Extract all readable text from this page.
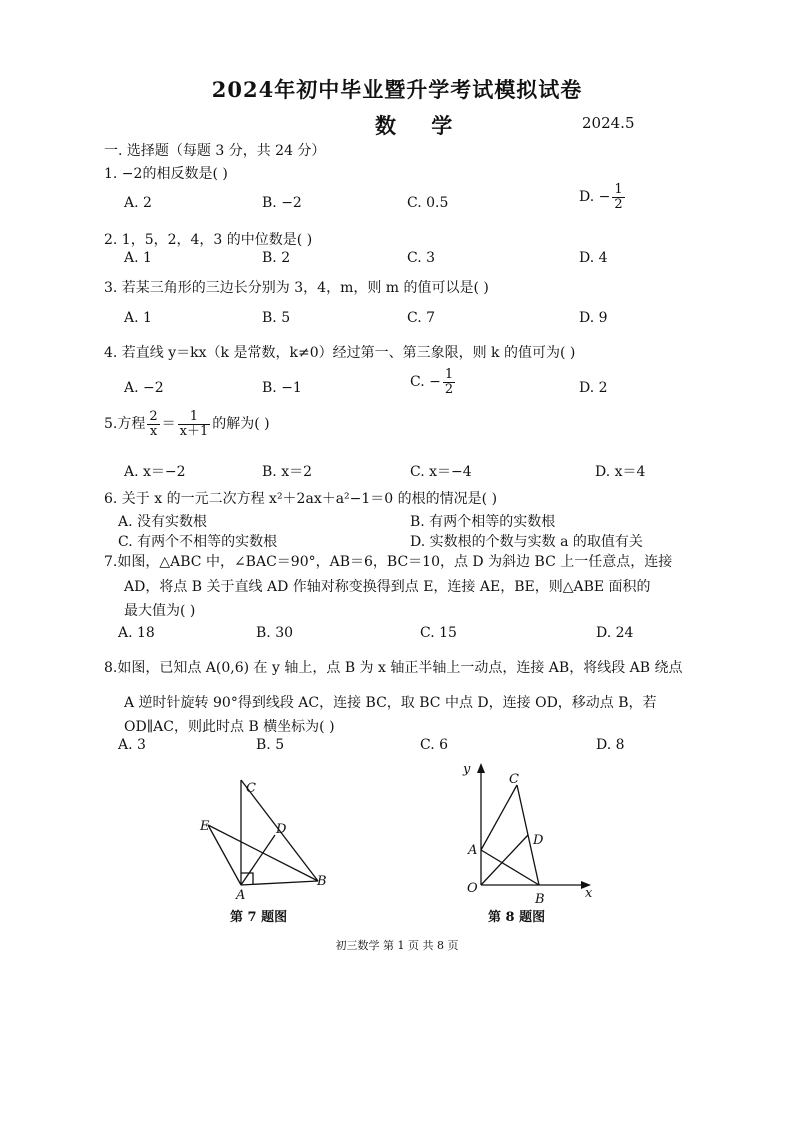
2024年初中毕业暨升学考试模拟试卷
数 学	2024.5
一. 选择题（每题 3 分，共 24 分）
1. −2的相反数是( )
A. 2	B. −2	C. 0.5	D. − $\frac{1}{2}$
2. 1，5，2，4，3 的中位数是( )
A. 1	B. 2	C. 3	D. 4
3. 若某三角形的三边长分别为 3，4，m，则 m 的值可以是( )
A. 1	B. 5	C. 7	D. 9
4. 若直线 y＝kx（k 是常数，k≠0）经过第一、第三象限，则 k 的值可为( )
A. −2	B. −1	C. − $\frac{1}{2}$	D. 2
5.方程 $\frac{2}{x} = \frac{1}{x+1}$ 的解为( )
A. x＝−2	B. x＝2	C. x＝−4	D. x＝4
6. 关于 x 的一元二次方程 x²＋2ax＋a²−1＝0 的根的情况是( )
A. 没有实数根	B. 有两个相等的实数根
C. 有两个不相等的实数根	D. 实数根的个数与实数 a 的取值有关
7.如图，△ABC 中，∠BAC＝90°，AB＝6，BC＝10，点 D 为斜边 BC 上一任意点，连接
AD，将点 B 关于直线 AD 作轴对称变换得到点 E，连接 AE，BE，则△ABE 面积的
最大值为( )
A. 18	B. 30	C. 15	D. 24
8.如图，已知点 A(0,6) 在 y 轴上，点 B 为 x 轴正半轴上一动点，连接 AB，将线段 AB 绕点
A 逆时针旋转 90°得到线段 AC，连接 BC，取 BC 中点 D，连接 OD，移动点 B，若
OD∥AC，则此时点 B 横坐标为( )
A. 3	B. 5	C. 6	D. 8
C
D
E
A
B
第 7 题图
y
C
D
A
O
B	x
第 8 题图
初三数学 第 1 页 共 8 页
